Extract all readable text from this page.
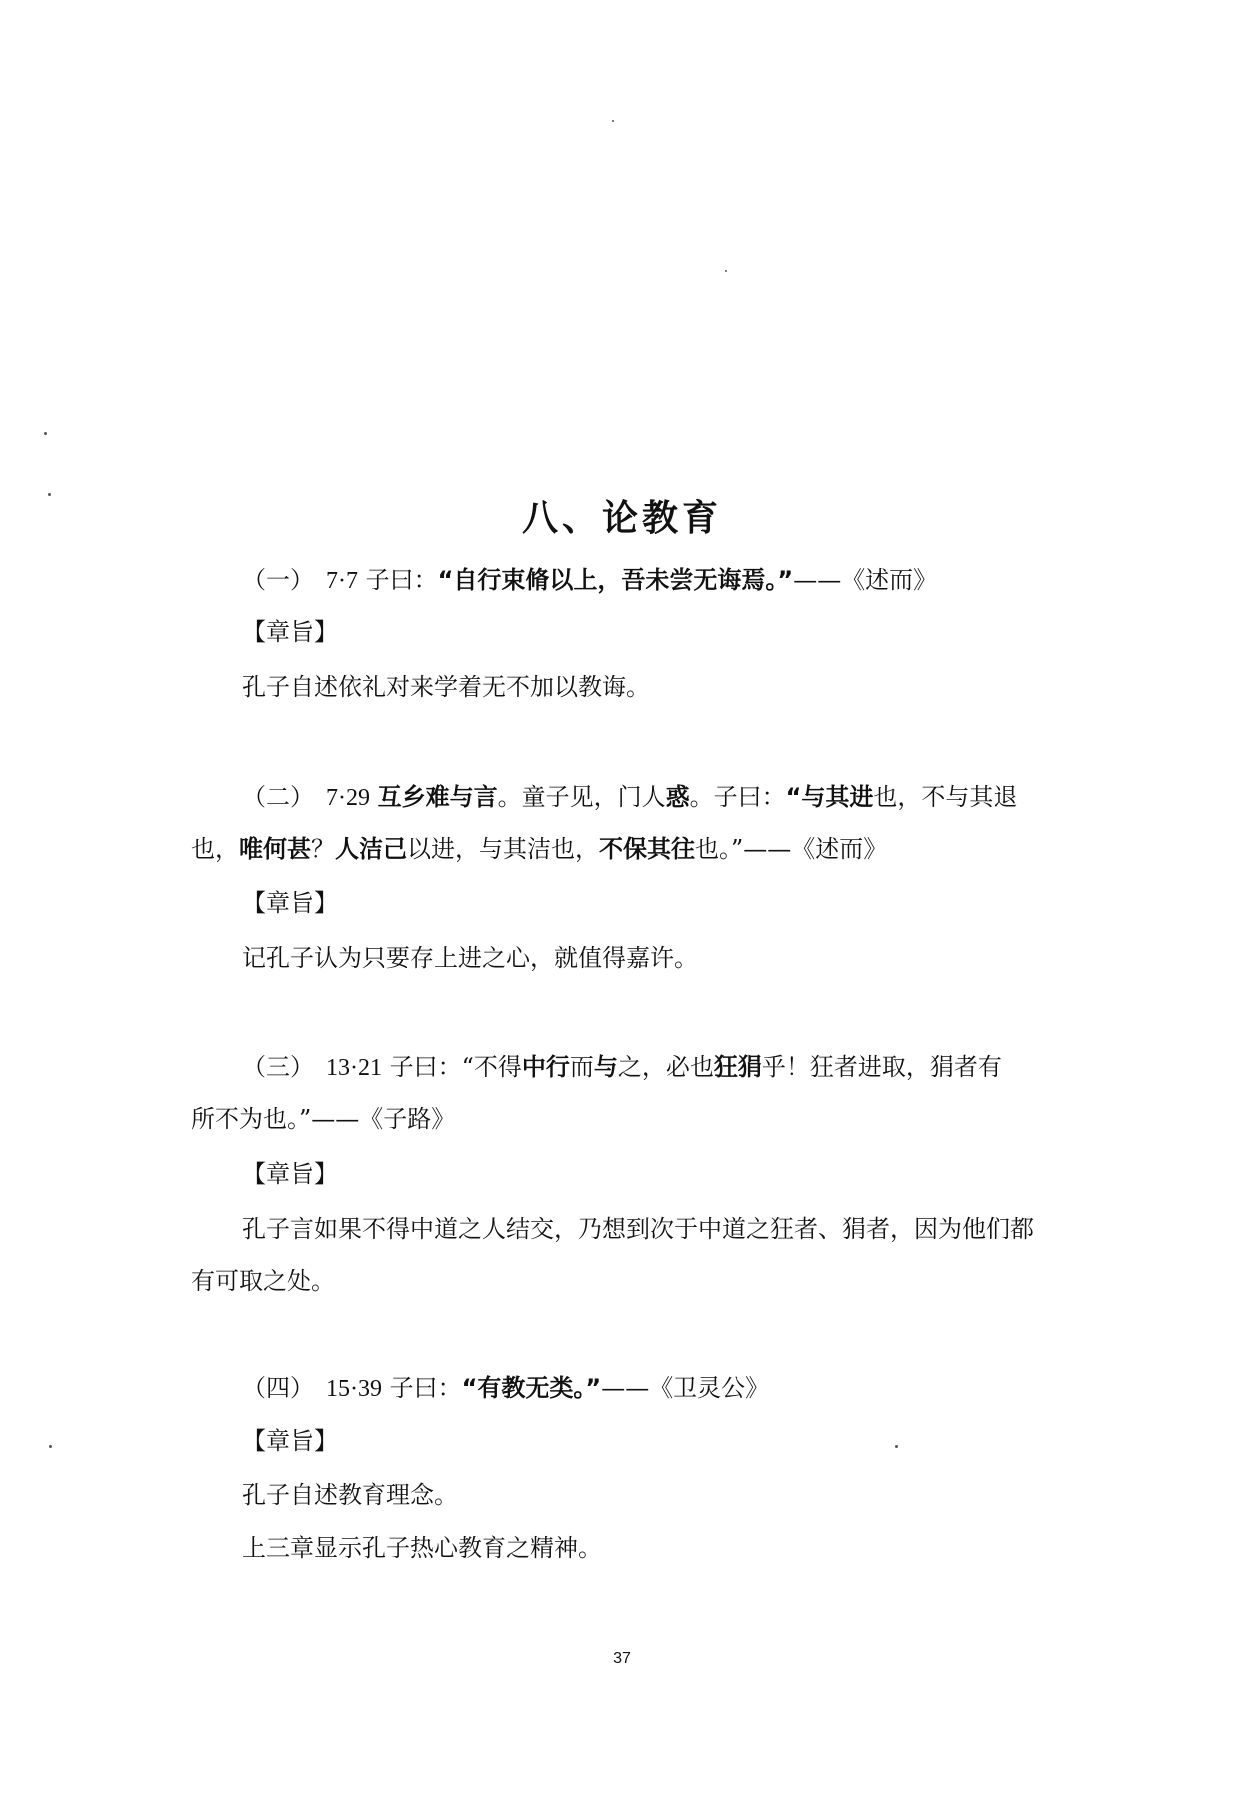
八、论教育
（一）　7·7 子曰：“自行束脩以上，吾未尝无诲焉。”——《述而》
【章旨】
孔子自述依礼对来学着无不加以教诲。
（二）　7·29 互乡难与言。童子见，门人惑。子曰：“与其进也，不与其退
也，唯何甚？人洁己以进，与其洁也，不保其往也。”——《述而》
【章旨】
记孔子认为只要存上进之心，就值得嘉许。
（三）　13·21 子曰：“不得中行而与之，必也狂狷乎！狂者进取，狷者有
所不为也。”——《子路》
【章旨】
孔子言如果不得中道之人结交，乃想到次于中道之狂者、狷者，因为他们都
有可取之处。
（四）　15·39 子曰：“有教无类。”——《卫灵公》
【章旨】
孔子自述教育理念。
上三章显示孔子热心教育之精神。
37
